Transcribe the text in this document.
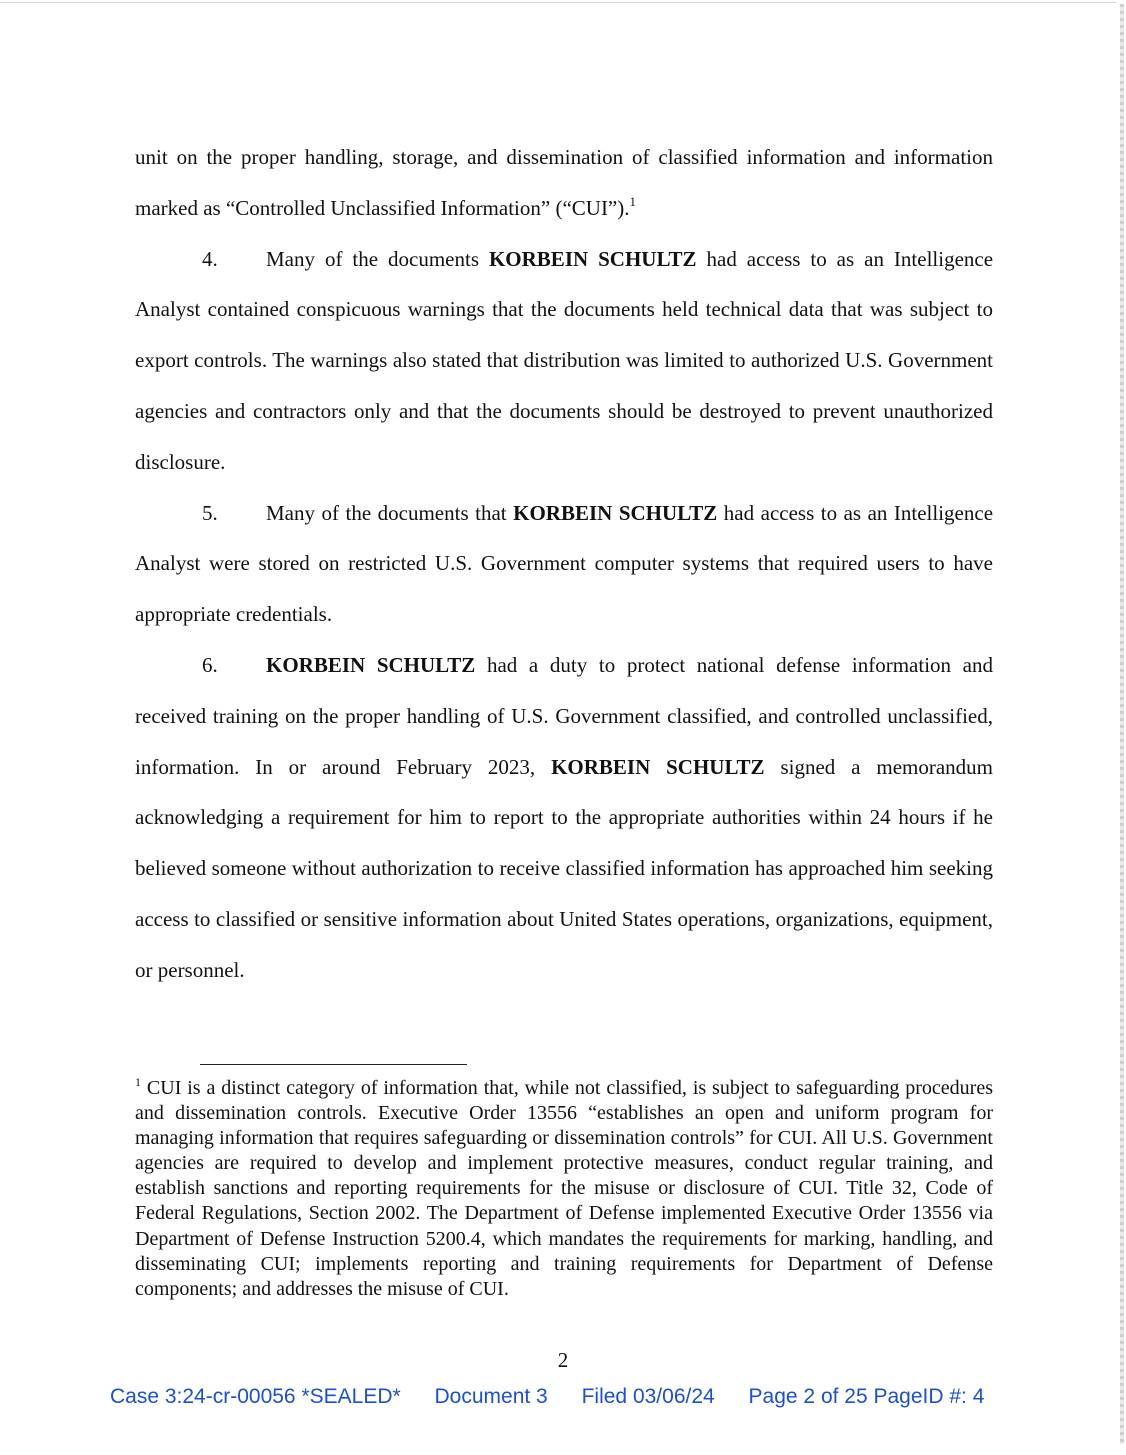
unit on the proper handling, storage, and dissemination of classified information and information marked as “Controlled Unclassified Information” (“CUI”).$^1$

4. Many of the documents KORBEIN SCHULTZ had access to as an Intelligence Analyst contained conspicuous warnings that the documents held technical data that was subject to export controls. The warnings also stated that distribution was limited to authorized U.S. Government agencies and contractors only and that the documents should be destroyed to prevent unauthorized disclosure.

5. Many of the documents that KORBEIN SCHULTZ had access to as an Intelligence Analyst were stored on restricted U.S. Government computer systems that required users to have appropriate credentials.

6. KORBEIN SCHULTZ had a duty to protect national defense information and received training on the proper handling of U.S. Government classified, and controlled unclassified, information. In or around February 2023, KORBEIN SCHULTZ signed a memorandum acknowledging a requirement for him to report to the appropriate authorities within 24 hours if he believed someone without authorization to receive classified information has approached him seeking access to classified or sensitive information about United States operations, organizations, equipment, or personnel.

$^1$ CUI is a distinct category of information that, while not classified, is subject to safeguarding procedures and dissemination controls. Executive Order 13556 “establishes an open and uniform program for managing information that requires safeguarding or dissemination controls” for CUI. All U.S. Government agencies are required to develop and implement protective measures, conduct regular training, and establish sanctions and reporting requirements for the misuse or disclosure of CUI. Title 32, Code of Federal Regulations, Section 2002. The Department of Defense implemented Executive Order 13556 via Department of Defense Instruction 5200.4, which mandates the requirements for marking, handling, and disseminating CUI; implements reporting and training requirements for Department of Defense components; and addresses the misuse of CUI.
2
Case 3:24-cr-00056 *SEALED* Document 3 Filed 03/06/24 Page 2 of 25 PageID #: 4
